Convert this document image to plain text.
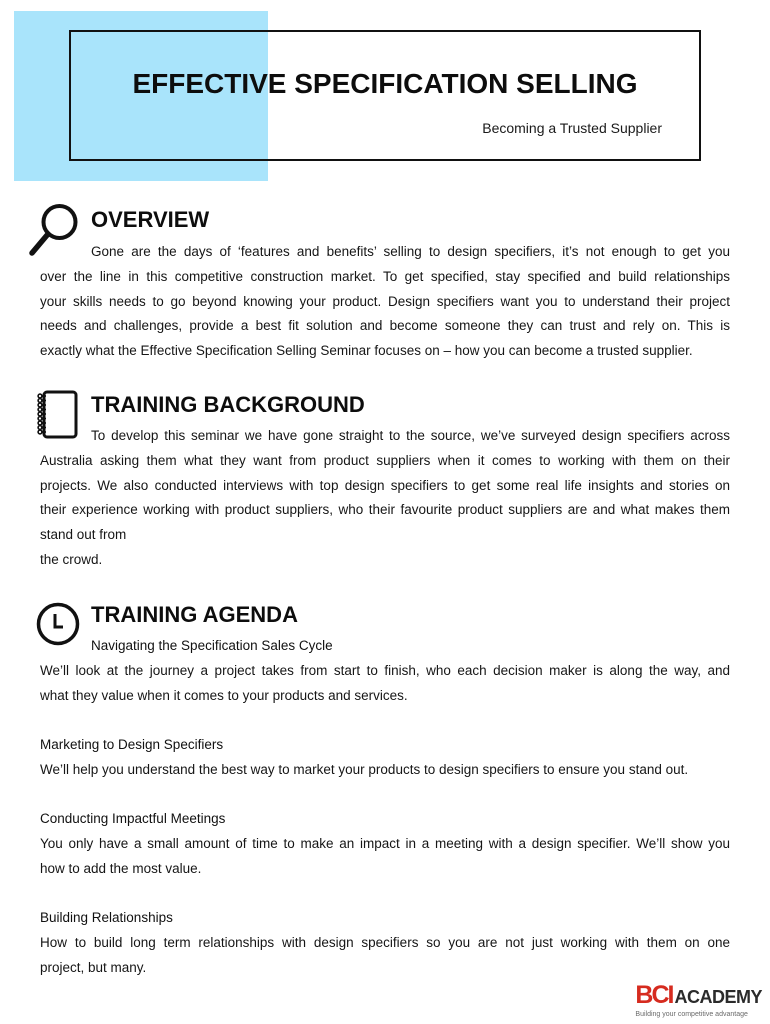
EFFECTIVE SPECIFICATION SELLING
Becoming a Trusted Supplier
OVERVIEW
Gone are the days of ‘features and benefits’ selling to design specifiers, it’s not enough to get you
over the line in this competitive construction market. To get specified, stay specified and build relationships
your skills needs to go beyond knowing your product. Design specifiers want you to understand their project
needs and challenges, provide a best fit solution and become someone they can trust and rely on. This is
exactly what the Effective Specification Selling Seminar focuses on – how you can become a trusted supplier.
TRAINING BACKGROUND
To develop this seminar we have gone straight to the source, we’ve surveyed design specifiers across
Australia asking them what they want from product suppliers when it comes to working with them on their
projects. We also conducted interviews with top design specifiers to get some real life insights and stories on
their experience working with product suppliers, who their favourite product suppliers are and what makes them
stand out from
the crowd.
TRAINING AGENDA
Navigating the Specification Sales Cycle
We’ll look at the journey a project takes from start to finish, who each decision maker is along the way, and
what they value when it comes to your products and services.
Marketing to Design Specifiers
We’ll help you understand the best way to market your products to design specifiers to ensure you stand out.
Conducting Impactful Meetings
You only have a small amount of time to make an impact in a meeting with a design specifier. We’ll show you
how to add the most value.
Building Relationships
How to build long term relationships with design specifiers so you are not just working with them on one
project, but many.
BCI ACADEMY
Building your competitive advantage
